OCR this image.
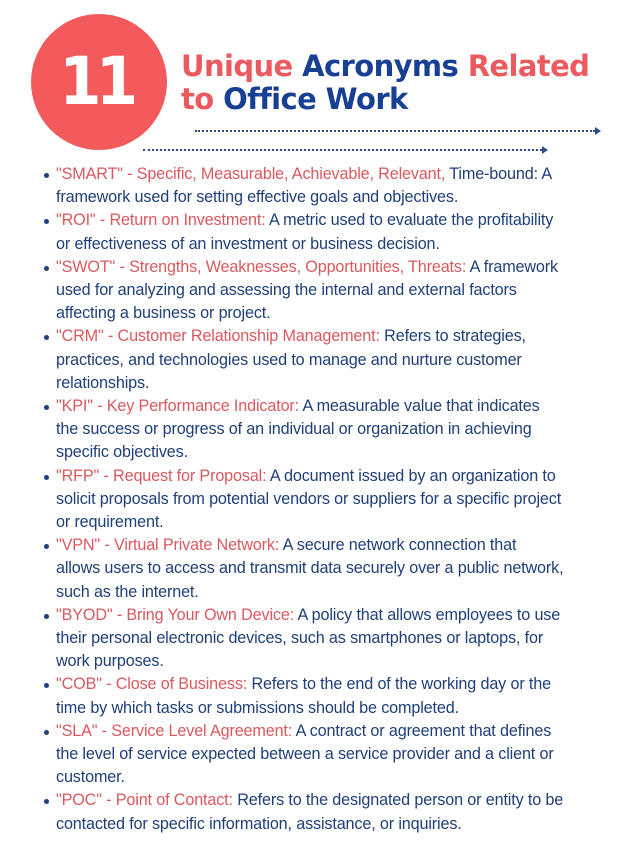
11 Unique Acronyms Related
to Office Work
"SMART" - Specific, Measurable, Achievable, Relevant, Time-bound: A
framework used for setting effective goals and objectives.
"ROI" - Return on Investment: A metric used to evaluate the profitability
or effectiveness of an investment or business decision.
"SWOT" - Strengths, Weaknesses, Opportunities, Threats: A framework
used for analyzing and assessing the internal and external factors
affecting a business or project.
"CRM" - Customer Relationship Management: Refers to strategies,
practices, and technologies used to manage and nurture customer
relationships.
"KPI" - Key Performance Indicator: A measurable value that indicates
the success or progress of an individual or organization in achieving
specific objectives.
"RFP" - Request for Proposal: A document issued by an organization to
solicit proposals from potential vendors or suppliers for a specific project
or requirement.
"VPN" - Virtual Private Network: A secure network connection that
allows users to access and transmit data securely over a public network,
such as the internet.
"BYOD" - Bring Your Own Device: A policy that allows employees to use
their personal electronic devices, such as smartphones or laptops, for
work purposes.
"COB" - Close of Business: Refers to the end of the working day or the
time by which tasks or submissions should be completed.
"SLA" - Service Level Agreement: A contract or agreement that defines
the level of service expected between a service provider and a client or
customer.
"POC" - Point of Contact: Refers to the designated person or entity to be
contacted for specific information, assistance, or inquiries.
